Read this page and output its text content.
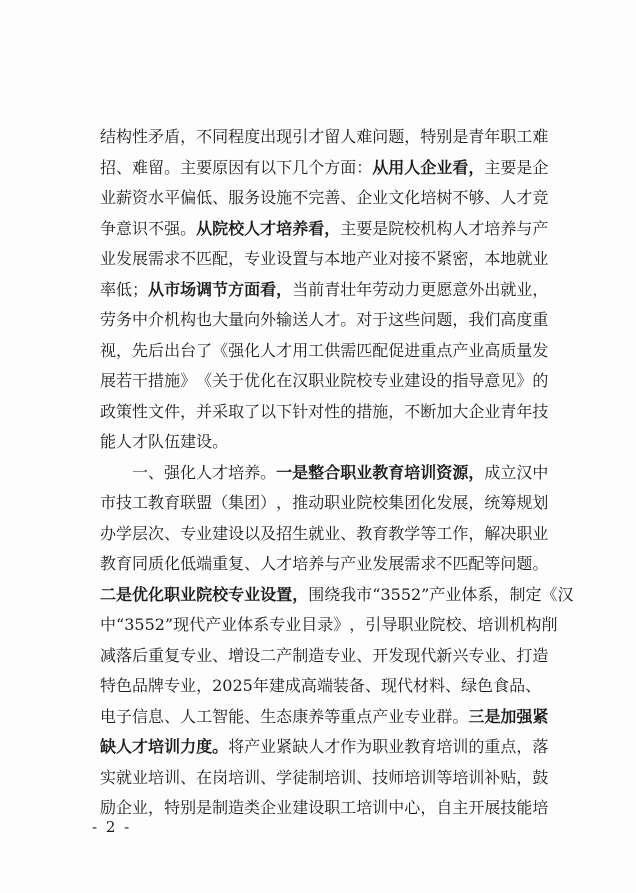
结 构 性 矛 盾 ， 不 同 程 度 出 现 引 才 留 人 难 问 题 ， 特 别 是 青 年 职 工 难
招 、 难 留 。 主 要 原 因 有 以 下 几 个 方 面 ： 从 用 人 企 业 看 ， 主 要 是 企
业 薪 资 水 平 偏 低 、 服 务 设 施 不 完 善 、 企 业 文 化 培 树 不 够 、 人 才 竞
争 意 识 不 强 。 从 院 校 人 才 培 养 看 ， 主 要 是 院 校 机 构 人 才 培 养 与 产
业 发 展 需 求 不 匹 配 ， 专 业 设 置 与 本 地 产 业 对 接 不 紧 密 ， 本 地 就 业
率 低 ； 从 市 场 调 节 方 面 看 ， 当 前 青 壮 年 劳 动 力 更 愿 意 外 出 就 业 ，
劳 务 中 介 机 构 也 大 量 向 外 输 送 人 才 。 对 于 这 些 问 题 ， 我 们 高 度 重
视 ， 先 后 出 台 了 《 强 化 人 才 用 工 供 需 匹 配 促 进 重 点 产 业 高 质 量 发
展 若 干 措 施 》 《 关 于 优 化 在 汉 职 业 院 校 专 业 建 设 的 指 导 意 见 》 的
政 策 性 文 件 ， 并 采 取 了 以 下 针 对 性 的 措 施 ， 不 断 加 大 企 业 青 年 技
能 人 才 队 伍 建 设 。
一 、 强 化 人 才 培 养 。 一 是 整 合 职 业 教 育 培 训 资 源 ， 成 立 汉 中
市 技 工 教 育 联 盟 （ 集 团 ） ， 推 动 职 业 院 校 集 团 化 发 展 ， 统 筹 规 划
办 学 层 次 、 专 业 建 设 以 及 招 生 就 业 、 教 育 教 学 等 工 作 ， 解 决 职 业
教 育 同 质 化 低 端 重 复 、 人 才 培 养 与 产 业 发 展 需 求 不 匹 配 等 问 题 。
二 是 优 化 职 业 院 校 专 业 设 置 ， 围 绕 我 市 “ 3552 ” 产 业 体 系 ， 制 定 《 汉
中 “ 3552 ” 现 代 产 业 体 系 专 业 目 录 》 ， 引 导 职 业 院 校 、 培 训 机 构 削
减 落 后 重 复 专 业 、 增 设 二 产 制 造 专 业 、 开 发 现 代 新 兴 专 业 、 打 造
特 色 品 牌 专 业 ， 2025 年 建 成 高 端 装 备 、 现 代 材 料 、 绿 色 食 品 、
电 子 信 息 、 人 工 智 能 、 生 态 康 养 等 重 点 产 业 专 业 群 。 三 是 加 强 紧
缺 人 才 培 训 力 度 。 将 产 业 紧 缺 人 才 作 为 职 业 教 育 培 训 的 重 点 ， 落
实 就 业 培 训 、 在 岗 培 训 、 学 徒 制 培 训 、 技 师 培 训 等 培 训 补 贴 ， 鼓
励 企 业 ， 特 别 是 制 造 类 企 业 建 设 职 工 培 训 中 心 ， 自 主 开 展 技 能 培
- 2 -
